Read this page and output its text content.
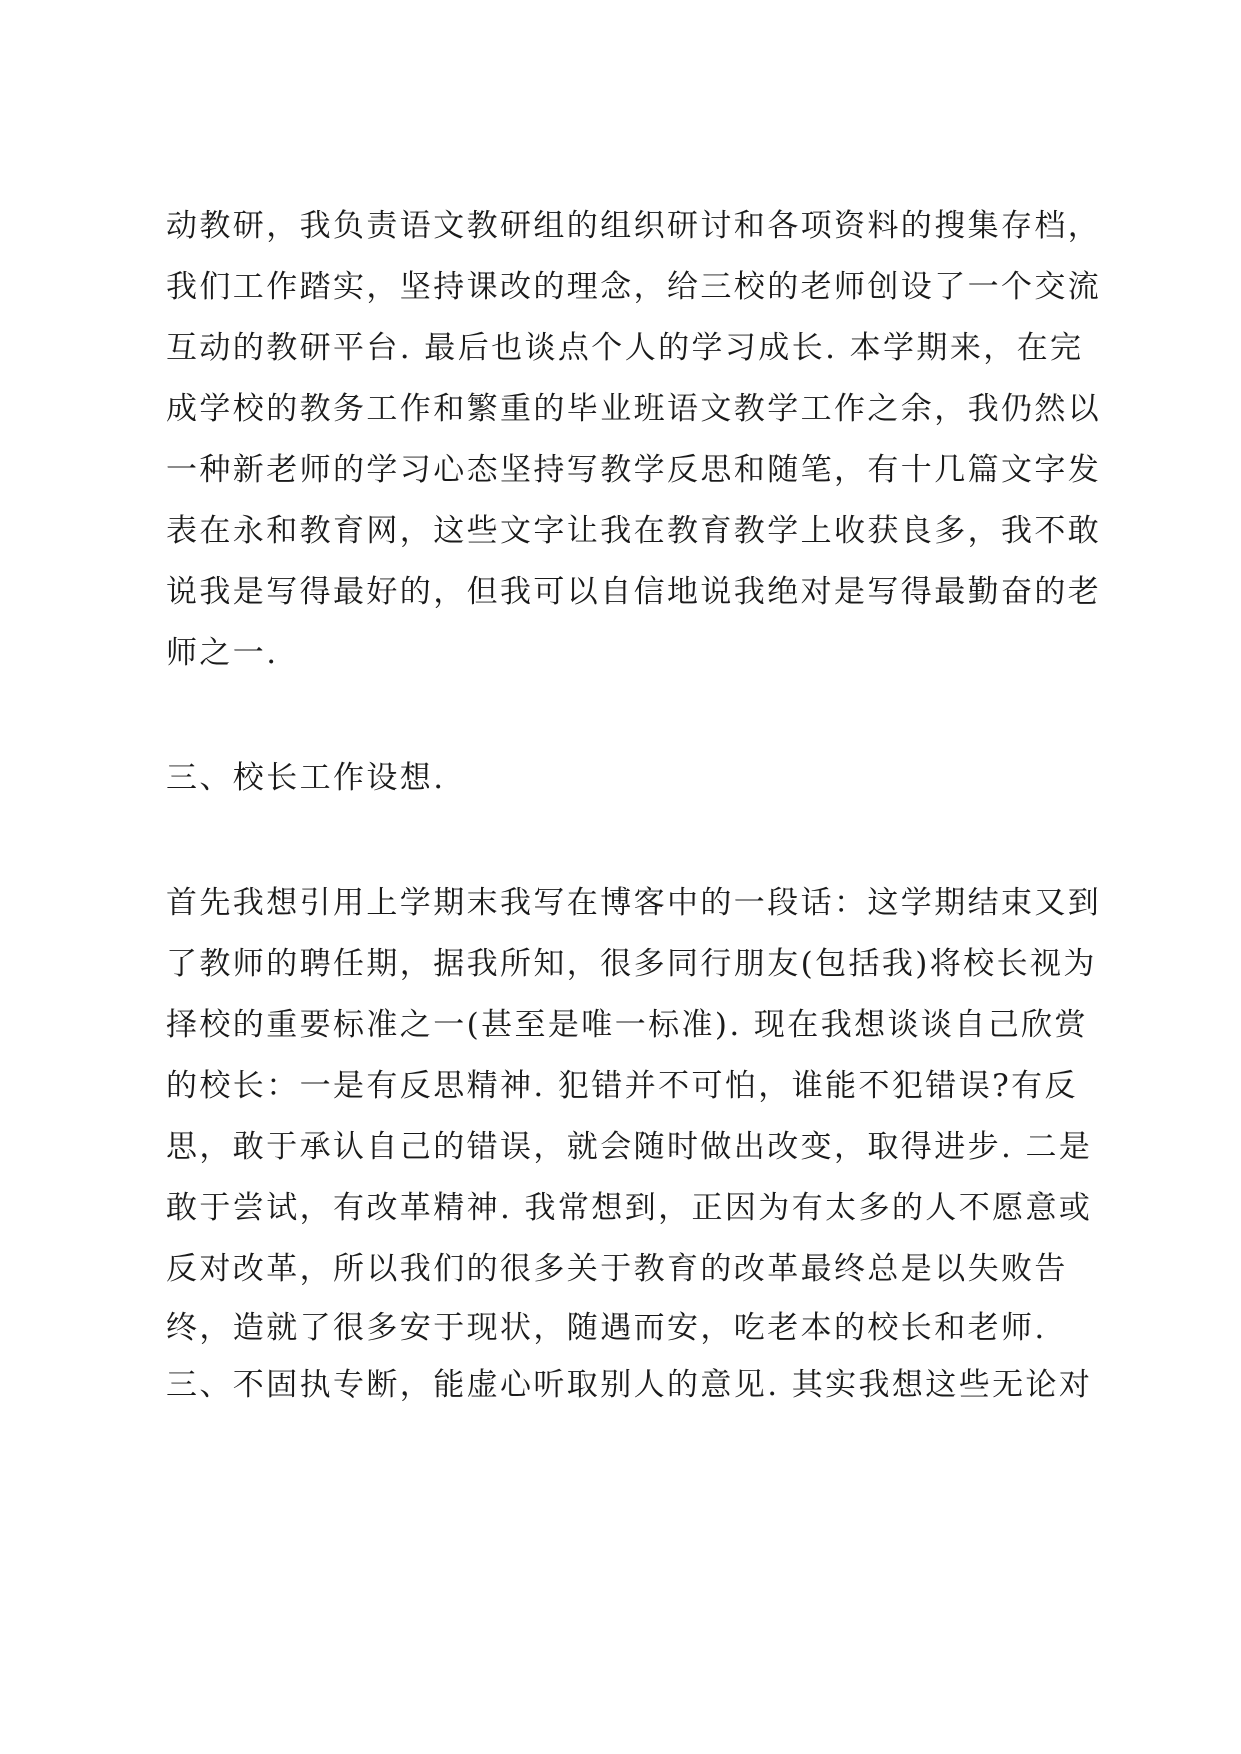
动教研，我负责语文教研组的组织研讨和各项资料的搜集存档，
我们工作踏实，坚持课改的理念，给三校的老师创设了一个交流
互动的教研平台. 最后也谈点个人的学习成长. 本学期来，在完
成学校的教务工作和繁重的毕业班语文教学工作之余，我仍然以
一种新老师的学习心态坚持写教学反思和随笔，有十几篇文字发
表在永和教育网，这些文字让我在教育教学上收获良多，我不敢
说我是写得最好的，但我可以自信地说我绝对是写得最勤奋的老
师之一.
三、校长工作设想.
首先我想引用上学期末我写在博客中的一段话：这学期结束又到
了教师的聘任期，据我所知，很多同行朋友(包括我)将校长视为
择校的重要标准之一(甚至是唯一标准). 现在我想谈谈自己欣赏
的校长：一是有反思精神. 犯错并不可怕，谁能不犯错误?有反
思，敢于承认自己的错误，就会随时做出改变，取得进步. 二是
敢于尝试，有改革精神. 我常想到，正因为有太多的人不愿意或
反对改革，所以我们的很多关于教育的改革最终总是以失败告
终，造就了很多安于现状，随遇而安，吃老本的校长和老师.
三、不固执专断，能虚心听取别人的意见. 其实我想这些无论对
